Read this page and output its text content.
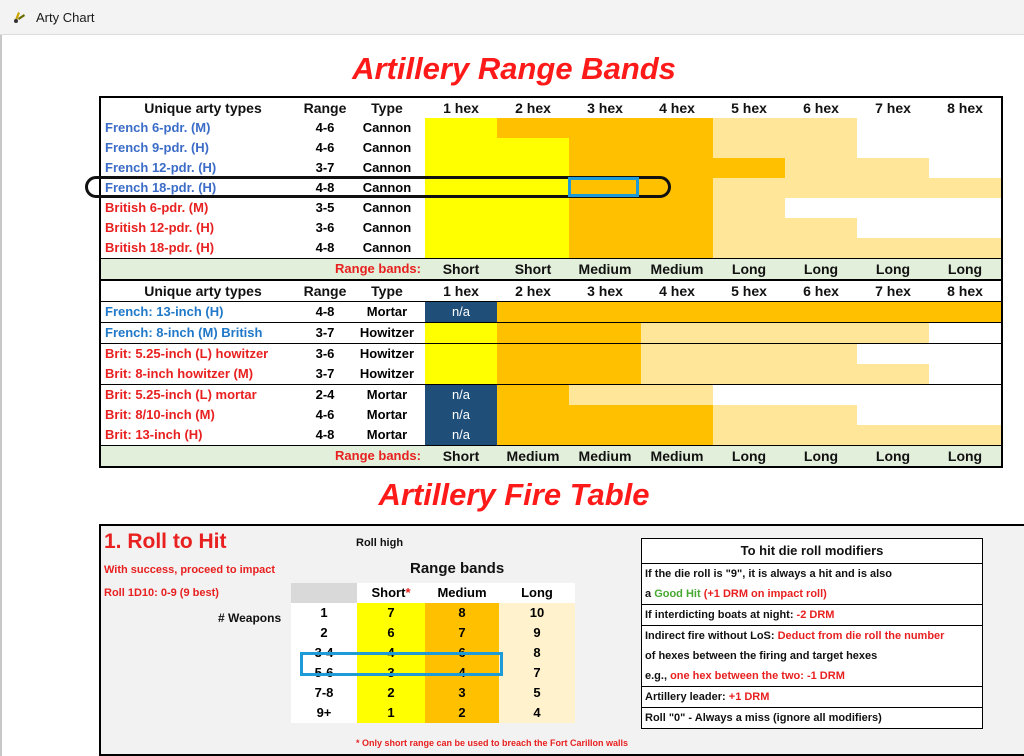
Arty Chart
Artillery Range Bands
Unique arty types	Range	Type	1 hex	2 hex	3 hex	4 hex	5 hex	6 hex	7 hex	8 hex
French 6-pdr. (M)	4-6	Cannon								
French 9-pdr. (H)	4-6	Cannon								
French 12-pdr. (H)	3-7	Cannon								
French 18-pdr. (H)	4-8	Cannon								
British 6-pdr. (M)	3-5	Cannon								
British 12-pdr. (H)	3-6	Cannon								
British 18-pdr. (H)	4-8	Cannon								
Range bands:			Short	Short	Medium	Medium	Long	Long	Long	Long
Unique arty types	Range	Type	1 hex	2 hex	3 hex	4 hex	5 hex	6 hex	7 hex	8 hex
French: 13-inch (H)	4-8	Mortar	n/a							
French: 8-inch (M) British	3-7	Howitzer								
Brit: 5.25-inch (L) howitzer	3-6	Howitzer								
Brit: 8-inch howitzer (M)	3-7	Howitzer								
Brit: 5.25-inch (L) mortar	2-4	Mortar	n/a							
Brit: 8/10-inch (M)	4-6	Mortar	n/a							
Brit: 13-inch (H)	4-8	Mortar	n/a							
Range bands:			Short	Medium	Medium	Medium	Long	Long	Long	Long
Artillery Fire Table
1. Roll to Hit	Roll high
With success, proceed to impact
Roll 1D10: 0-9 (9 best)
Range bands
# Weapons
	Short*	Medium	Long
1	7	8	10
2	6	7	9
3-4	4	6	8
5-6	3	4	7
7-8	2	3	5
9+	1	2	4
* Only short range can be used to breach the Fort Carillon walls
To hit die roll modifiers
If the die roll is "9", it is always a hit and is also
a Good Hit (+1 DRM on impact roll)
If interdicting boats at night: -2 DRM
Indirect fire without LoS: Deduct from die roll the number
of hexes between the firing and target hexes
e.g., one hex between the two: -1 DRM
Artillery leader: +1 DRM
Roll "0" - Always a miss (ignore all modifiers)
